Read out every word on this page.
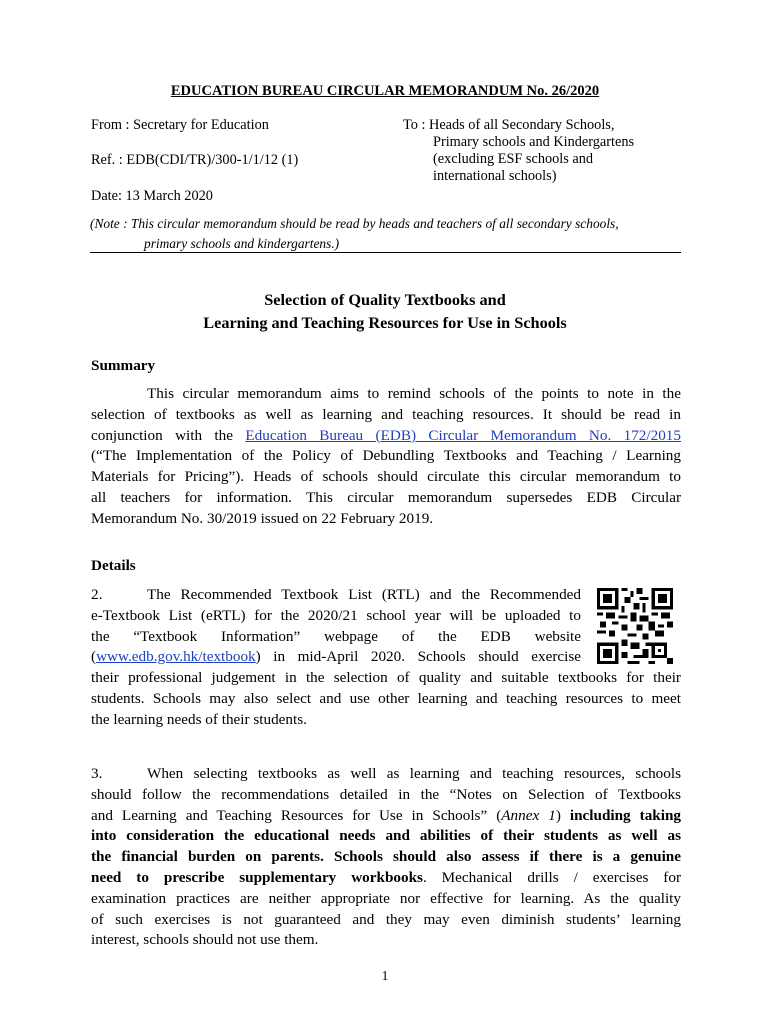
EDUCATION BUREAU CIRCULAR MEMORANDUM No. 26/2020
From : Secretary for Education
Ref. : EDB(CDI/TR)/300-1/1/12 (1)
Date: 13 March 2020
To : Heads of all Secondary Schools,
Primary schools and Kindergartens
(excluding ESF schools and
international schools)
(Note : This circular memorandum should be read by heads and teachers of all secondary schools,
primary schools and kindergartens.)
Selection of Quality Textbooks and
Learning and Teaching Resources for Use in Schools
Summary
This circular memorandum aims to remind schools of the points to note in the
selection of textbooks as well as learning and teaching resources. It should be read in
conjunction with the Education Bureau (EDB) Circular Memorandum No. 172/2015
(“The Implementation of the Policy of Debundling Textbooks and Teaching / Learning
Materials for Pricing”). Heads of schools should circulate this circular memorandum to
all teachers for information. This circular memorandum supersedes EDB Circular
Memorandum No. 30/2019 issued on 22 February 2019.
Details
2.	The Recommended Textbook List (RTL) and the Recommended
e-Textbook List (eRTL) for the 2020/21 school year will be uploaded to
the “Textbook Information” webpage of the EDB website
(www.edb.gov.hk/textbook) in mid-April 2020. Schools should exercise
their professional judgement in the selection of quality and suitable textbooks for their
students. Schools may also select and use other learning and teaching resources to meet
the learning needs of their students.
3.	When selecting textbooks as well as learning and teaching resources, schools
should follow the recommendations detailed in the “Notes on Selection of Textbooks
and Learning and Teaching Resources for Use in Schools” (Annex 1) including taking
into consideration the educational needs and abilities of their students as well as
the financial burden on parents. Schools should also assess if there is a genuine
need to prescribe supplementary workbooks. Mechanical drills / exercises for
examination practices are neither appropriate nor effective for learning. As the quality
of such exercises is not guaranteed and they may even diminish students’ learning
interest, schools should not use them.
1
